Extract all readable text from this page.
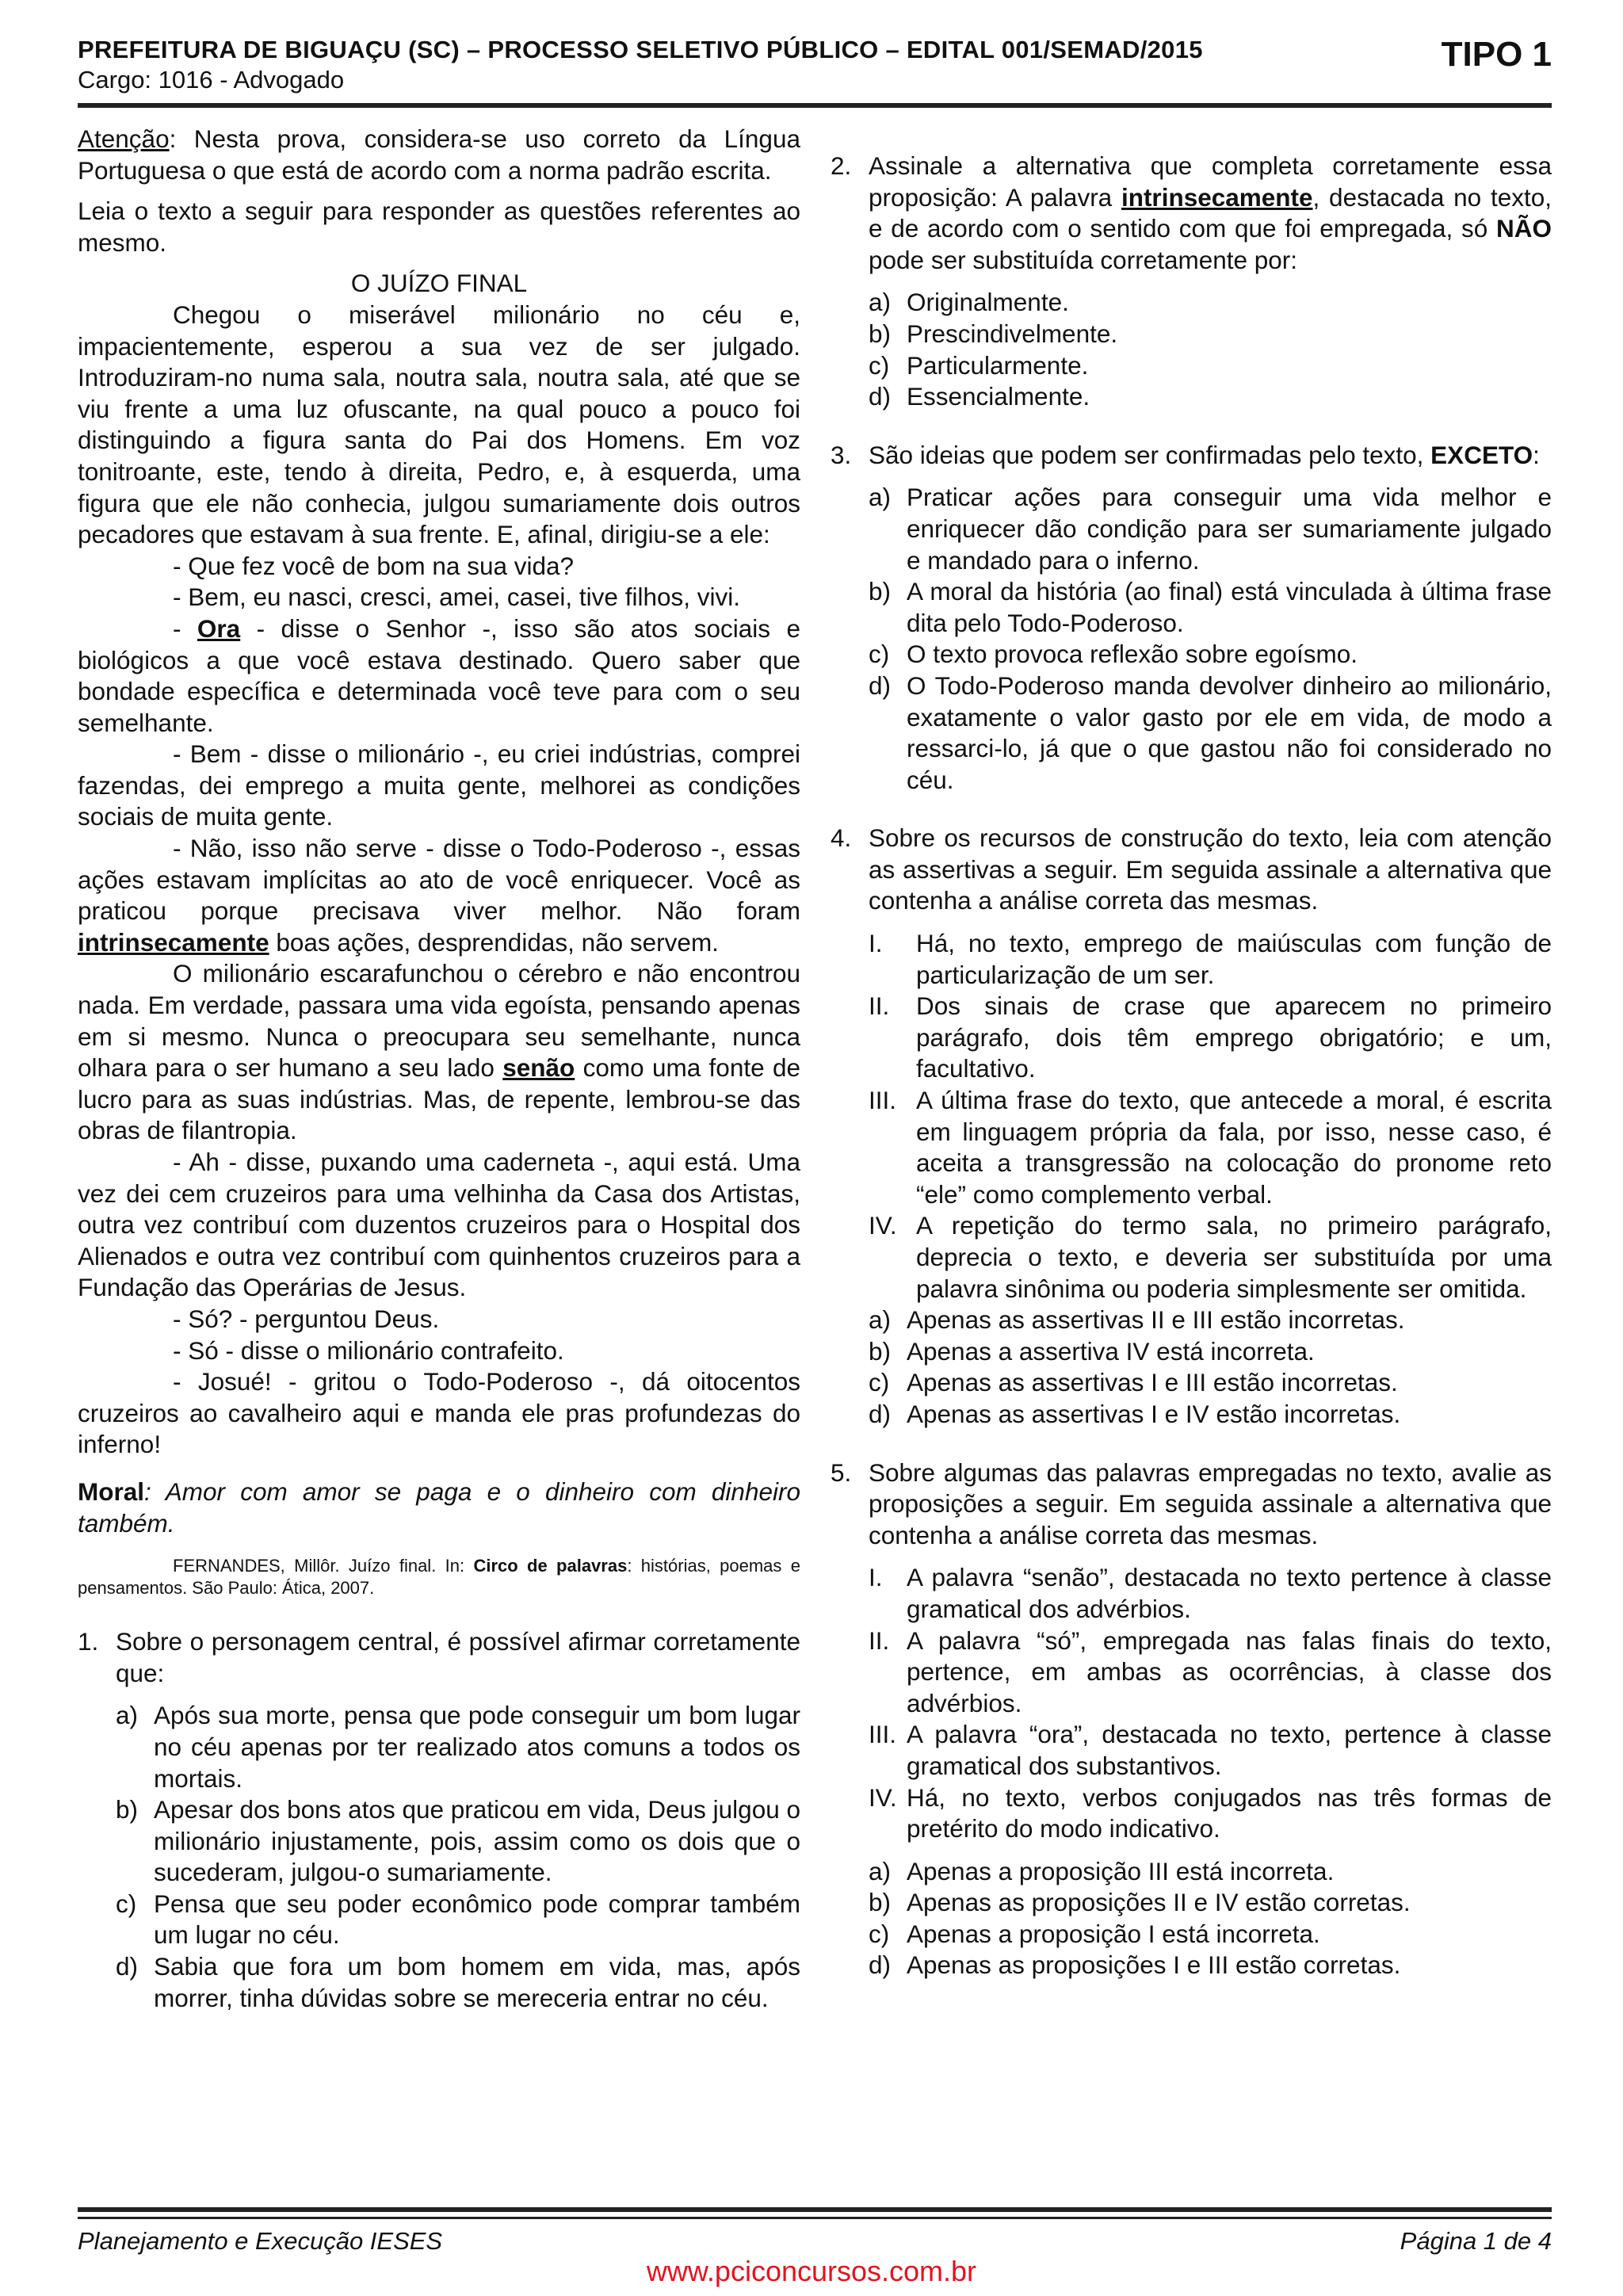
PREFEITURA DE BIGUAÇU (SC) – PROCESSO SELETIVO PÚBLICO – EDITAL 001/SEMAD/2015
Cargo: 1016 - Advogado
TIPO 1

Atenção: Nesta prova, considera-se uso correto da Língua Portuguesa o que está de acordo com a norma padrão escrita.

Leia o texto a seguir para responder as questões referentes ao mesmo.

O JUÍZO FINAL

Chegou o miserável milionário no céu e, impacientemente, esperou a sua vez de ser julgado. Introduziram-no numa sala, noutra sala, noutra sala, até que se viu frente a uma luz ofuscante, na qual pouco a pouco foi distinguindo a figura santa do Pai dos Homens. Em voz tonitroante, este, tendo à direita, Pedro, e, à esquerda, uma figura que ele não conhecia, julgou sumariamente dois outros pecadores que estavam à sua frente. E, afinal, dirigiu-se a ele:

- Que fez você de bom na sua vida?

- Bem, eu nasci, cresci, amei, casei, tive filhos, vivi.

- Ora - disse o Senhor -, isso são atos sociais e biológicos a que você estava destinado. Quero saber que bondade específica e determinada você teve para com o seu semelhante.

- Bem - disse o milionário -, eu criei indústrias, comprei fazendas, dei emprego a muita gente, melhorei as condições sociais de muita gente.

- Não, isso não serve - disse o Todo-Poderoso -, essas ações estavam implícitas ao ato de você enriquecer. Você as praticou porque precisava viver melhor. Não foram intrinsecamente boas ações, desprendidas, não servem.

O milionário escarafunchou o cérebro e não encontrou nada. Em verdade, passara uma vida egoísta, pensando apenas em si mesmo. Nunca o preocupara seu semelhante, nunca olhara para o ser humano a seu lado senão como uma fonte de lucro para as suas indústrias. Mas, de repente, lembrou-se das obras de filantropia.

- Ah - disse, puxando uma caderneta -, aqui está. Uma vez dei cem cruzeiros para uma velhinha da Casa dos Artistas, outra vez contribuí com duzentos cruzeiros para o Hospital dos Alienados e outra vez contribuí com quinhentos cruzeiros para a Fundação das Operárias de Jesus.

- Só? - perguntou Deus.

- Só - disse o milionário contrafeito.

- Josué! - gritou o Todo-Poderoso -, dá oitocentos cruzeiros ao cavalheiro aqui e manda ele pras profundezas do inferno!

Moral: Amor com amor se paga e o dinheiro com dinheiro também.

FERNANDES, Millôr. Juízo final. In: Circo de palavras: histórias, poemas e pensamentos. São Paulo: Ática, 2007.

1. Sobre o personagem central, é possível afirmar corretamente que:

a) Após sua morte, pensa que pode conseguir um bom lugar no céu apenas por ter realizado atos comuns a todos os mortais.
b) Apesar dos bons atos que praticou em vida, Deus julgou o milionário injustamente, pois, assim como os dois que o sucederam, julgou-o sumariamente.
c) Pensa que seu poder econômico pode comprar também um lugar no céu.
d) Sabia que fora um bom homem em vida, mas, após morrer, tinha dúvidas sobre se mereceria entrar no céu.
2. Assinale a alternativa que completa corretamente essa proposição: A palavra intrinsecamente, destacada no texto, e de acordo com o sentido com que foi empregada, só NÃO pode ser substituída corretamente por:

a) Originalmente.
b) Prescindivelmente.
c) Particularmente.
d) Essencialmente.
3. São ideias que podem ser confirmadas pelo texto, EXCETO:

a) Praticar ações para conseguir uma vida melhor e enriquecer dão condição para ser sumariamente julgado e mandado para o inferno.
b) A moral da história (ao final) está vinculada à última frase dita pelo Todo-Poderoso.
c) O texto provoca reflexão sobre egoísmo.
d) O Todo-Poderoso manda devolver dinheiro ao milionário, exatamente o valor gasto por ele em vida, de modo a ressarci-lo, já que o que gastou não foi considerado no céu.
4. Sobre os recursos de construção do texto, leia com atenção as assertivas a seguir. Em seguida assinale a alternativa que contenha a análise correta das mesmas.

I. Há, no texto, emprego de maiúsculas com função de particularização de um ser.
II. Dos sinais de crase que aparecem no primeiro parágrafo, dois têm emprego obrigatório; e um, facultativo.
III. A última frase do texto, que antecede a moral, é escrita em linguagem própria da fala, por isso, nesse caso, é aceita a transgressão na colocação do pronome reto “ele” como complemento verbal.
IV. A repetição do termo sala, no primeiro parágrafo, deprecia o texto, e deveria ser substituída por uma palavra sinônima ou poderia simplesmente ser omitida.
a) Apenas as assertivas II e III estão incorretas.
b) Apenas a assertiva IV está incorreta.
c) Apenas as assertivas I e III estão incorretas.
d) Apenas as assertivas I e IV estão incorretas.
5. Sobre algumas das palavras empregadas no texto, avalie as proposições a seguir. Em seguida assinale a alternativa que contenha a análise correta das mesmas.

I. A palavra “senão”, destacada no texto pertence à classe gramatical dos advérbios.
II. A palavra “só”, empregada nas falas finais do texto, pertence, em ambas as ocorrências, à classe dos advérbios.
III. A palavra “ora”, destacada no texto, pertence à classe gramatical dos substantivos.
IV. Há, no texto, verbos conjugados nas três formas de pretérito do modo indicativo.
a) Apenas a proposição III está incorreta.
b) Apenas as proposições II e IV estão corretas.
c) Apenas a proposição I está incorreta.
d) Apenas as proposições I e III estão corretas.
Planejamento e Execução IESES	Página 1 de 4
www.pciconcursos.com.br
